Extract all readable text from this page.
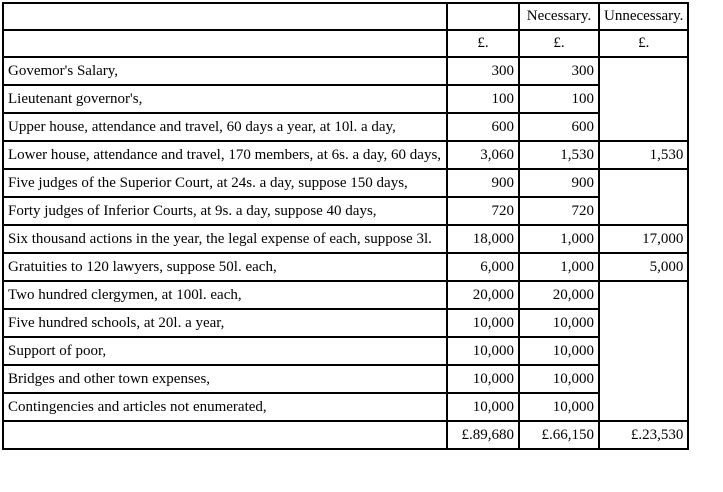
		Necessary.	Unnecessary.
	£.	£.	£.
Govemor's Salary,	300	300	
Lieutenant governor's,	100	100	
Upper house, attendance and travel, 60 days a year, at 10l. a day,	600	600	
Lower house, attendance and travel, 170 members, at 6s. a day, 60 days,	3,060	1,530	1,530
Five judges of the Superior Court, at 24s. a day, suppose 150 days,	900	900	
Forty judges of Inferior Courts, at 9s. a day, suppose 40 days,	720	720	
Six thousand actions in the year, the legal expense of each, suppose 3l.	18,000	1,000	17,000
Gratuities to 120 lawyers, suppose 50l. each,	6,000	1,000	5,000
Two hundred clergymen, at 100l. each,	20,000	20,000	
Five hundred schools, at 20l. a year,	10,000	10,000	
Support of poor,	10,000	10,000	
Bridges and other town expenses,	10,000	10,000	
Contingencies and articles not enumerated,	10,000	10,000	
	£.89,680	£.66,150	£.23,530
